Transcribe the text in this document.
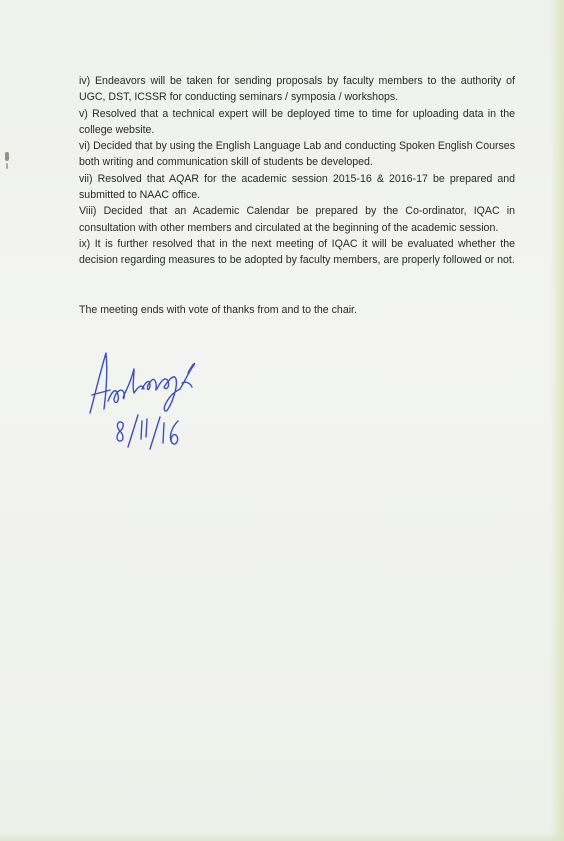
iv) Endeavors will be taken for sending proposals by faculty members to the authority of UGC, DST, ICSSR for conducting seminars / symposia / workshops.

v) Resolved that a technical expert will be deployed time to time for uploading data in the college website.

vi) Decided that by using the English Language Lab and conducting Spoken English Courses both writing and communication skill of students be developed.

vii) Resolved that AQAR for the academic session 2015-16 & 2016-17 be prepared and submitted to NAAC office.

Viii) Decided that an Academic Calendar be prepared by the Co-ordinator, IQAC in consultation with other members and circulated at the beginning of the academic session.

ix) It is further resolved that in the next meeting of IQAC it will be evaluated whether the decision regarding measures to be adopted by faculty members, are properly followed or not.

The meeting ends with vote of thanks from and to the chair.
